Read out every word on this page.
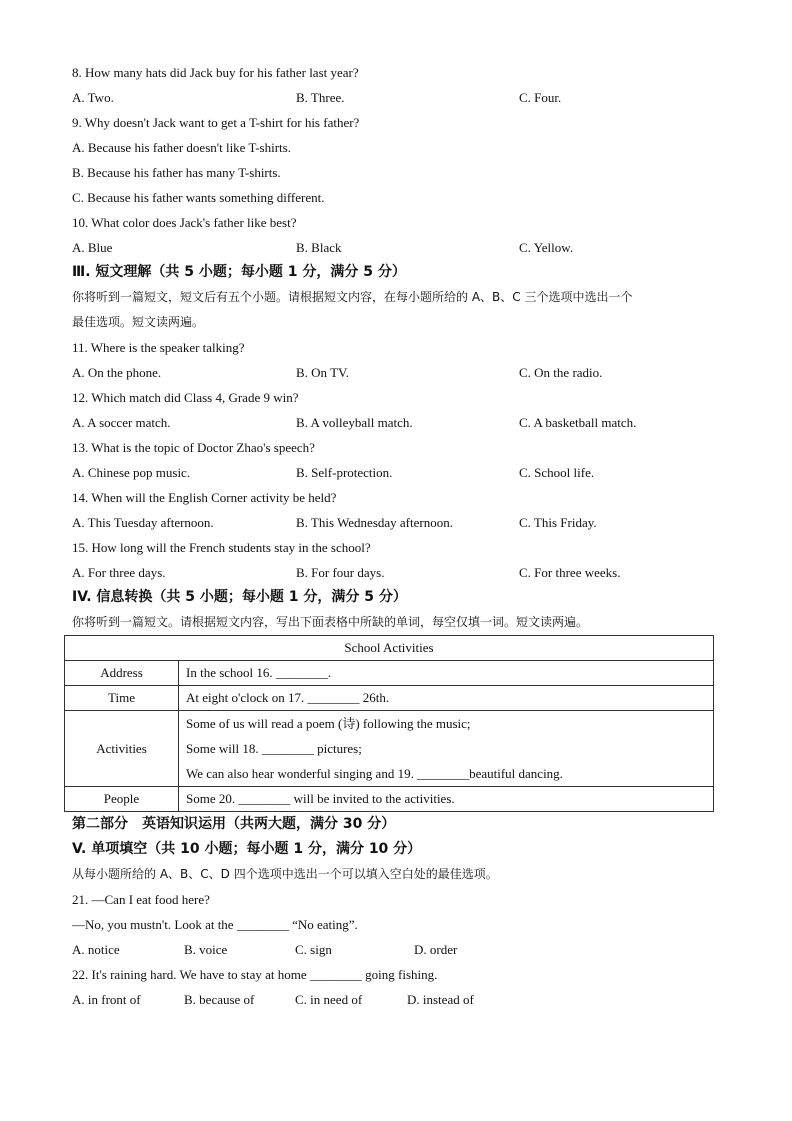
8. How many hats did Jack buy for his father last year?
A. Two.	B. Three.	C. Four.
9. Why doesn't Jack want to get a T-shirt for his father?
A. Because his father doesn't like T-shirts.
B. Because his father has many T-shirts.
C. Because his father wants something different.
10. What color does Jack's father like best?
A. Blue	B. Black	C. Yellow.
Ⅲ. 短文理解（共 5 小题；每小题 1 分，满分 5 分）
你将听到一篇短文，短文后有五个小题。请根据短文内容，在每小题所给的 A、B、C 三个选项中选出一个
最佳选项。短文读两遍。
11. Where is the speaker talking?
A. On the phone.	B. On TV.	C. On the radio.
12. Which match did Class 4, Grade 9 win?
A. A soccer match.	B. A volleyball match.	C. A basketball match.
13. What is the topic of Doctor Zhao's speech?
A. Chinese pop music.	B. Self-protection.	C. School life.
14. When will the English Corner activity be held?
A. This Tuesday afternoon.	B. This Wednesday afternoon.	C. This Friday.
15. How long will the French students stay in the school?
A. For three days.	B. For four days.	C. For three weeks.
IV. 信息转换（共 5 小题；每小题 1 分，满分 5 分）
你将听到一篇短文。请根据短文内容，写出下面表格中所缺的单词，每空仅填一词。短文读两遍。
School Activities	
Address	In the school 16. ________.
Time	At eight o'clock on 17. ________ 26th.
Activities	Some of us will read a poem (诗) following the music;
Some will 18. ________ pictures;
We can also hear wonderful singing and 19. ________beautiful dancing.

People	Some 20. ________ will be invited to the activities.
第二部分　英语知识运用（共两大题，满分 30 分）
V. 单项填空（共 10 小题；每小题 1 分，满分 10 分）
从每小题所给的 A、B、C、D 四个选项中选出一个可以填入空白处的最佳选项。
21. —Can I eat food here?
—No, you mustn't. Look at the ________ “No eating”.
A. notice	B. voice	C. sign	D. order
22. It's raining hard. We have to stay at home ________ going fishing.
A. in front of	B. because of	C. in need of	D. instead of
